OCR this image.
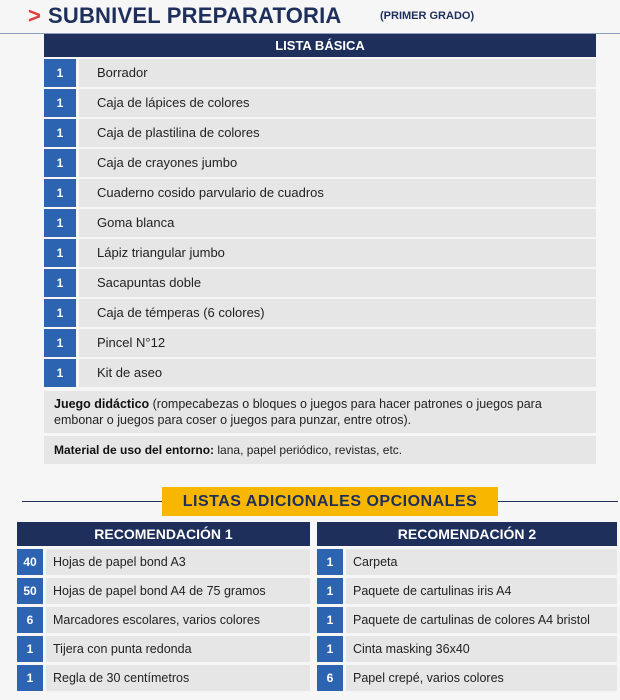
> SUBNIVEL PREPARATORIA	(PRIMER GRADO)
LISTA BÁSICA
1	Borrador
1	Caja de lápices de colores
1	Caja de plastilina de colores
1	Caja de crayones jumbo
1	Cuaderno cosido parvulario de cuadros
1	Goma blanca
1	Lápiz triangular jumbo
1	Sacapuntas doble
1	Caja de témperas (6 colores)
1	Pincel N°12
1	Kit de aseo
Juego didáctico (rompecabezas o bloques o juegos para hacer patrones o juegos para embonar o juegos para coser o juegos para punzar, entre otros).
Material de uso del entorno: lana, papel periódico, revistas, etc.
LISTAS ADICIONALES OPCIONALES
RECOMENDACIÓN 1
40	Hojas de papel bond A3
50	Hojas de papel bond A4 de 75 gramos
6	Marcadores escolares, varios colores
1	Tijera con punta redonda
1	Regla de 30 centímetros
RECOMENDACIÓN 2
1	Carpeta
1	Paquete de cartulinas iris A4
1	Paquete de cartulinas de colores A4 bristol
1	Cinta masking 36x40
6	Papel crepé, varios colores
